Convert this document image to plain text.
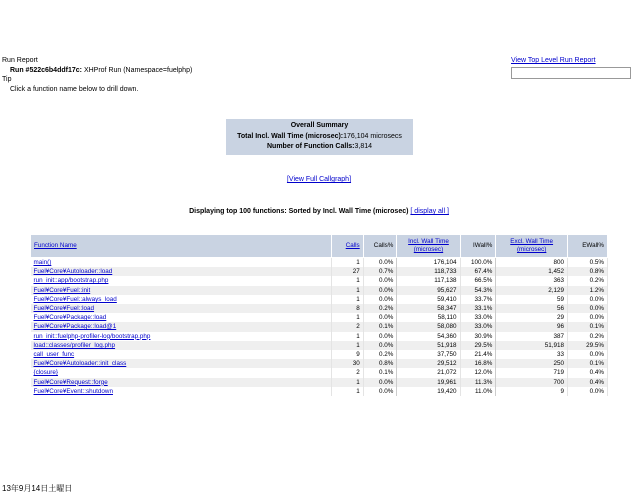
Run Report
Run #522c6b4ddf17c: XHProf Run (Namespace=fuelphp)
Tip
Click a function name below to drill down.
View Top Level Run Report
Overall Summary
Total Incl. Wall Time (microsec):176,104 microsecs
Number of Function Calls:3,814
[View Full Callgraph]
Displaying top 100 functions: Sorted by Incl. Wall Time (microsec) [ display all ]
Function Name	Calls	Calls%	Incl. Wall Time (microsec)	IWall%	Excl. Wall Time (microsec)	EWall%
main()	1	0.0%	176,104	100.0%	800	0.5%
Fuel¥Core¥Autoloader::load	27	0.7%	118,733	67.4%	1,452	0.8%
run_init::app/bootstrap.php	1	0.0%	117,138	66.5%	363	0.2%
Fuel¥Core¥Fuel::init	1	0.0%	95,627	54.3%	2,129	1.2%
Fuel¥Core¥Fuel::always_load	1	0.0%	59,410	33.7%	59	0.0%
Fuel¥Core¥Fuel::load	8	0.2%	58,347	33.1%	56	0.0%
Fuel¥Core¥Package::load	1	0.0%	58,110	33.0%	29	0.0%
Fuel¥Core¥Package::load@1	2	0.1%	58,080	33.0%	96	0.1%
run_init::fuelphp-profiler-log/bootstrap.php	1	0.0%	54,360	30.9%	387	0.2%
load::classes/profiler_log.php	1	0.0%	51,918	29.5%	51,918	29.5%
call_user_func	9	0.2%	37,750	21.4%	33	0.0%
Fuel¥Core¥Autoloader::init_class	30	0.8%	29,512	16.8%	250	0.1%
{closure}	2	0.1%	21,072	12.0%	719	0.4%
Fuel¥Core¥Request::forge	1	0.0%	19,961	11.3%	700	0.4%
Fuel¥Core¥Event::shutdown	1	0.0%	19,420	11.0%	9	0.0%
13年9月14日土曜日
